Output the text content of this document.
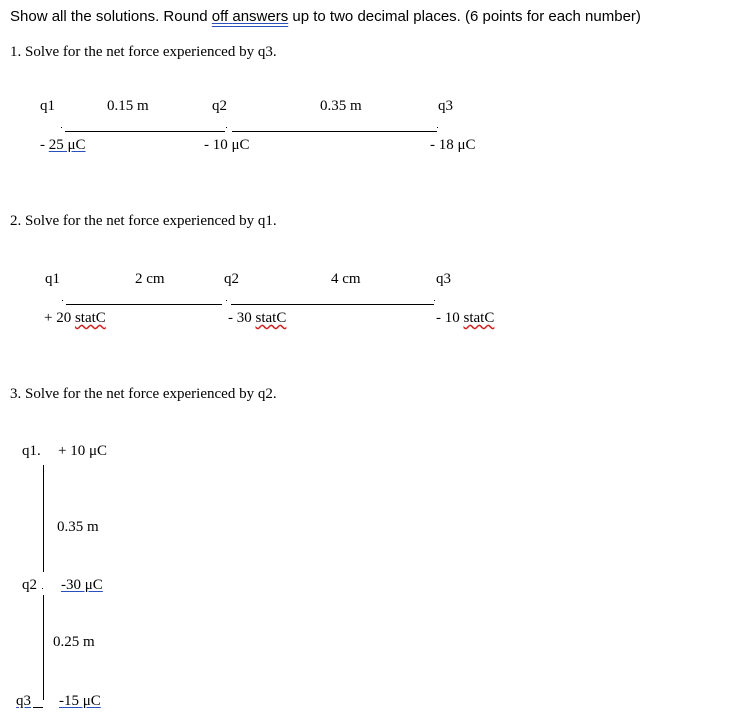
Show all the solutions. Round off answers up to two decimal places. (6 points for each number)
1. Solve for the net force experienced by q3.
q1	0.15 m	q2	0.35 m	q3
- 25 μC	- 10 μC	- 18 μC
2. Solve for the net force experienced by q1.
q1	2 cm	q2	4 cm	q3
+ 20 statC	- 30 statC	- 10 statC
3. Solve for the net force experienced by q2.
q1. + 10 μC
0.35 m
q2 -30 μC
0.25 m
q3 -15 μC
